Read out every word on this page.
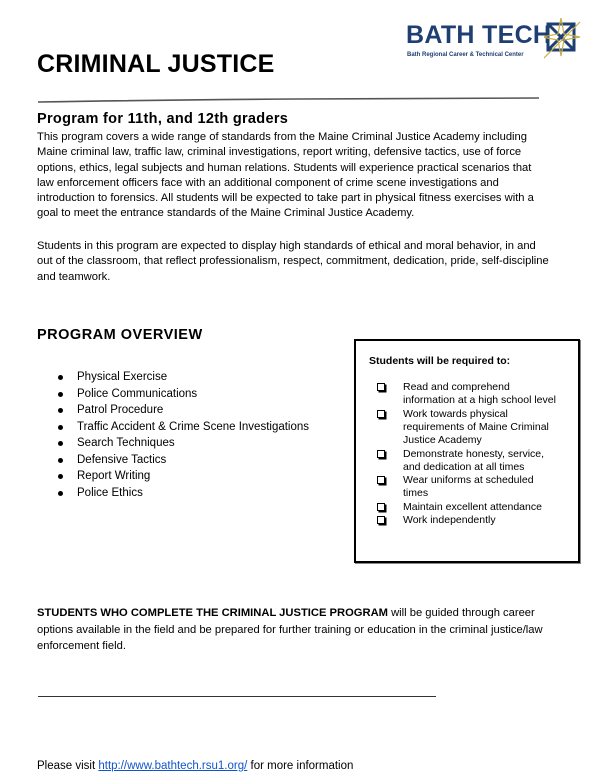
CRIMINAL JUSTICE
BATH TECH
Bath Regional Career & Technical Center
Program for 11th, and 12th graders

This program covers a wide range of standards from the Maine Criminal Justice Academy including Maine criminal law, traffic law, criminal investigations, report writing, defensive tactics, use of force options, ethics, legal subjects and human relations. Students will experience practical scenarios that law enforcement officers face with an additional component of crime scene investigations and introduction to forensics. All students will be expected to take part in physical fitness exercises with a goal to meet the entrance standards of the Maine Criminal Justice Academy.

Students in this program are expected to display high standards of ethical and moral behavior, in and out of the classroom, that reflect professionalism, respect, commitment, dedication, pride, self-discipline and teamwork.

PROGRAM OVERVIEW
Physical Exercise
Police Communications
Patrol Procedure
Traffic Accident & Crime Scene Investigations
Search Techniques
Defensive Tactics
Report Writing
Police Ethics
Students will be required to:
Read and comprehend information at a high school level
Work towards physical requirements of Maine Criminal Justice Academy
Demonstrate honesty, service, and dedication at all times
Wear uniforms at scheduled times
Maintain excellent attendance
Work independently

STUDENTS WHO COMPLETE THE CRIMINAL JUSTICE PROGRAM will be guided through career options available in the field and be prepared for further training or education in the criminal justice/law enforcement field.

Please visit http://www.bathtech.rsu1.org/ for more information
